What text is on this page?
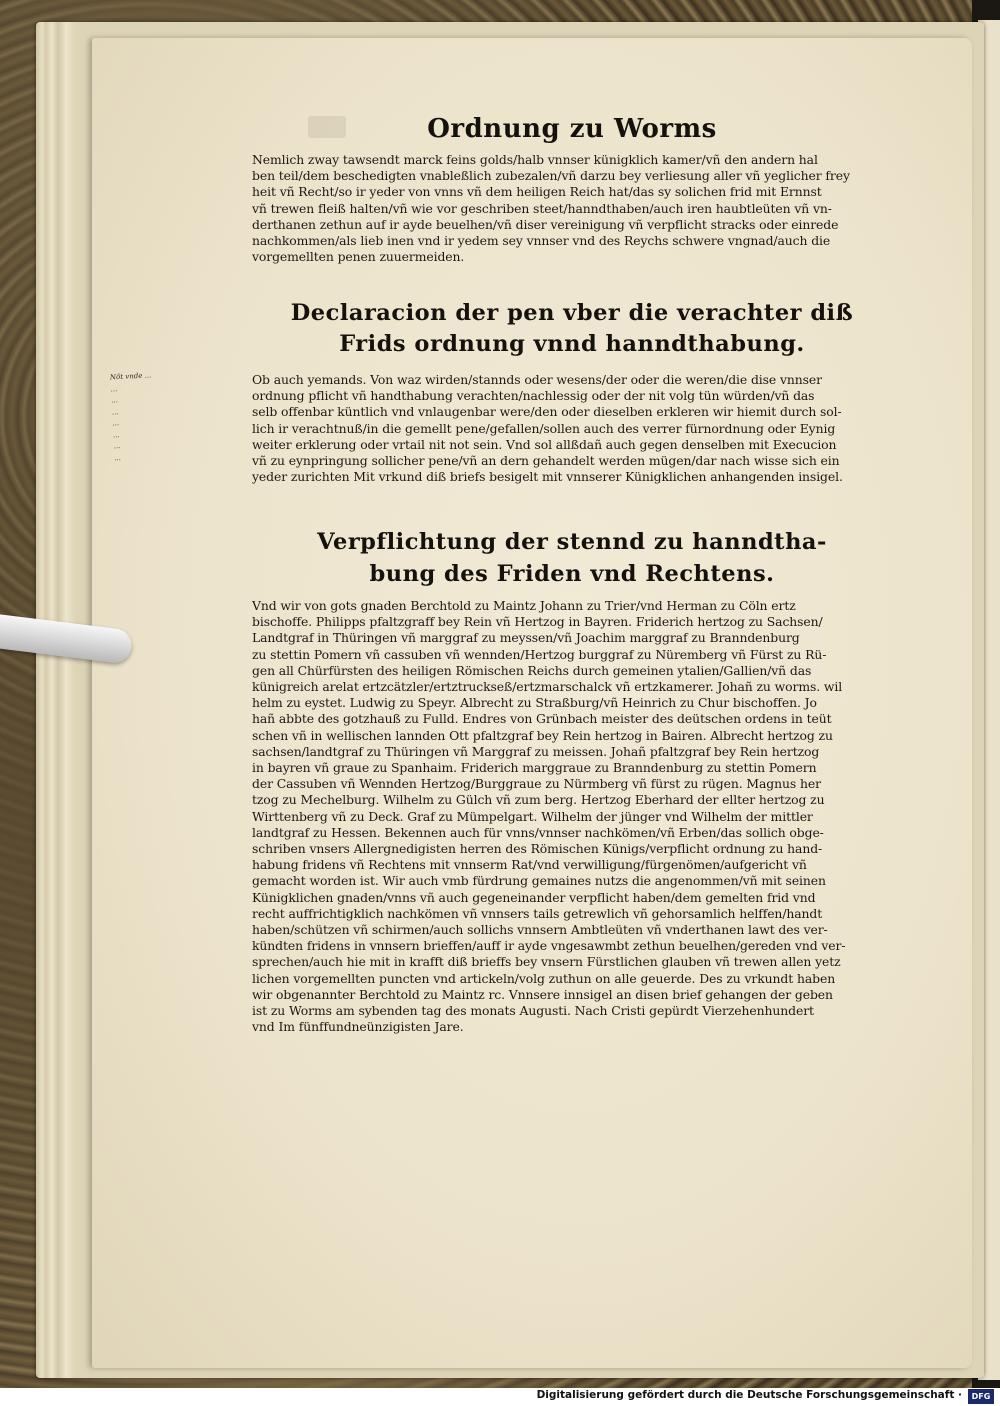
Ordnung zu Worms
Nemlich zway tawsendt marck feins golds/halb vnnser künigklich kamer/vñ den andern hal
ben teil/dem beschedigten vnableßlich zubezalen/vñ darzu bey verliesung aller vñ yeglicher frey
heit vñ Recht/so ir yeder von vnns vñ dem heiligen Reich hat/das sy solichen frid mit Ernnst
vñ trewen fleiß halten/vñ wie vor geschriben steet/hanndthaben/auch iren haubtleüten vñ vn-
derthanen zethun auf ir ayde beuelhen/vñ diser vereinigung vñ verpflicht stracks oder einrede
nachkommen/als lieb inen vnd ir yedem sey vnnser vnd des Reychs schwere vngnad/auch die
vorgemellten penen zuuermeiden.
Declaracion der pen vber die verachter diß
Frids ordnung vnnd hanndthabung.
Nõt vnde ...
...
...
...
...
...
...
...
Ob auch yemands. Von waz wirden/stannds oder wesens/der oder die weren/die dise vnnser
ordnung pflicht vñ handthabung verachten/nachlessig oder der nit volg tün würden/vñ das
selb offenbar küntlich vnd vnlaugenbar were/den oder dieselben erkleren wir hiemit durch sol-
lich ir verachtnuß/in die gemellt pene/gefallen/sollen auch des verrer fürnordnung oder Eynig
weiter erklerung oder vrtail nit not sein. Vnd sol allßdañ auch gegen denselben mit Execucion
vñ zu eynpringung sollicher pene/vñ an dern gehandelt werden mügen/dar nach wisse sich ein
yeder zurichten Mit vrkund diß briefs besigelt mit vnnserer Künigklichen anhangenden insigel.
Verpflichtung der stennd zu hanndtha-
bung des Friden vnd Rechtens.
Vnd wir von gots gnaden Berchtold zu Maintz Johann zu Trier/vnd Herman zu Cöln ertz
bischoffe. Philipps pfaltzgraff bey Rein vñ Hertzog in Bayren. Friderich hertzog zu Sachsen/
Landtgraf in Thüringen vñ marggraf zu meyssen/vñ Joachim marggraf zu Branndenburg
zu stettin Pomern vñ cassuben vñ wennden/Hertzog burggraf zu Nüremberg vñ Fürst zu Rü-
gen all Chürfürsten des heiligen Römischen Reichs durch gemeinen ytalien/Gallien/vñ das
künigreich arelat ertzcätzler/ertztruckseß/ertzmarschalck vñ ertzkamerer. Johañ zu worms. wil
helm zu eystet. Ludwig zu Speyr. Albrecht zu Straßburg/vñ Heinrich zu Chur bischoffen. Jo
hañ abbte des gotzhauß zu Fulld. Endres von Grünbach meister des deütschen ordens in teüt
schen vñ in wellischen lannden Ott pfaltzgraf bey Rein hertzog in Bairen. Albrecht hertzog zu
sachsen/landtgraf zu Thüringen vñ Marggraf zu meissen. Johañ pfaltzgraf bey Rein hertzog
in bayren vñ graue zu Spanhaim. Friderich marggraue zu Branndenburg zu stettin Pomern
der Cassuben vñ Wennden Hertzog/Burggraue zu Nürmberg vñ fürst zu rügen. Magnus her
tzog zu Mechelburg. Wilhelm zu Gülch vñ zum berg. Hertzog Eberhard der ellter hertzog zu
Wirttenberg vñ zu Deck. Graf zu Mümpelgart. Wilhelm der jünger vnd Wilhelm der mittler
landtgraf zu Hessen. Bekennen auch für vnns/vnnser nachkömen/vñ Erben/das sollich obge-
schriben vnsers Allergnedigisten herren des Römischen Künigs/verpflicht ordnung zu hand-
habung fridens vñ Rechtens mit vnnserm Rat/vnd verwilligung/fürgenömen/aufgericht vñ
gemacht worden ist. Wir auch vmb fürdrung gemaines nutzs die angenommen/vñ mit seinen
Künigklichen gnaden/vnns vñ auch gegeneinander verpflicht haben/dem gemelten frid vnd
recht auffrichtigklich nachkömen vñ vnnsers tails getrewlich vñ gehorsamlich helffen/handt
haben/schützen vñ schirmen/auch sollichs vnnsern Ambtleüten vñ vnderthanen lawt des ver-
kündten fridens in vnnsern brieffen/auff ir ayde vngesawmbt zethun beuelhen/gereden vnd ver-
sprechen/auch hie mit in krafft diß brieffs bey vnsern Fürstlichen glauben vñ trewen allen yetz
lichen vorgemellten puncten vnd artickeln/volg zuthun on alle geuerde. Des zu vrkundt haben
wir obgenannter Berchtold zu Maintz rc. Vnnsere innsigel an disen brief gehangen der geben
ist zu Worms am sybenden tag des monats Augusti. Nach Cristi gepürdt Vierzehenhundert
vnd Im fünffundneünzigisten Jare.
Digitalisierung gefördert durch die Deutsche Forschungsgemeinschaft ·	DFG
